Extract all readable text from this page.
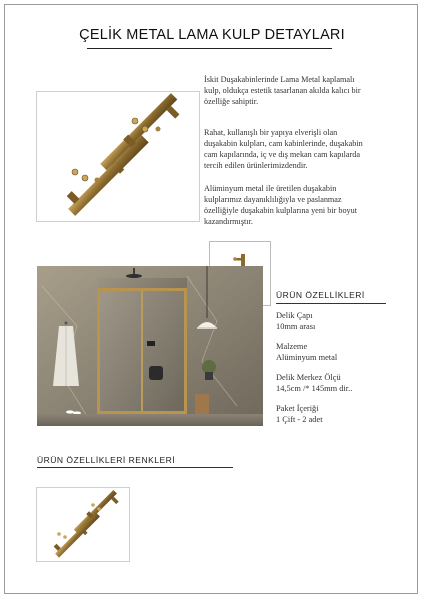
ÇELİK METAL LAMA KULP DETAYLARI
İskit Duşakabinlerinde Lama Metal kaplamalı
kulp, oldukça estetik tasarlanan akılda kalıcı bir
özelliğe sahiptir.
Rahat, kullanışlı bir yapıya elverişli olan
duşakabin kulpları, cam kabinlerinde, duşakabin
cam kapılarında, iç ve dış mekan cam kapılarda
tercih edilen ürünlerimizdendir.
Alüminyum metal ile üretilen duşakabin
kulplarımız dayanıklılığıyla ve paslanmaz
özelliğiyle duşakabin kulplarına yeni bir boyut
kazandırmıştır.
ÜRÜN ÖZELLİKLERİ
Delik Çapı
10mm arası
Malzeme
Alüminyum metal
Delik Merkez Ölçü
14,5cm /* 145mm dir..
Paket İçeriği
1 Çift - 2 adet
ÜRÜN ÖZELLİKLERİ RENKLERİ
